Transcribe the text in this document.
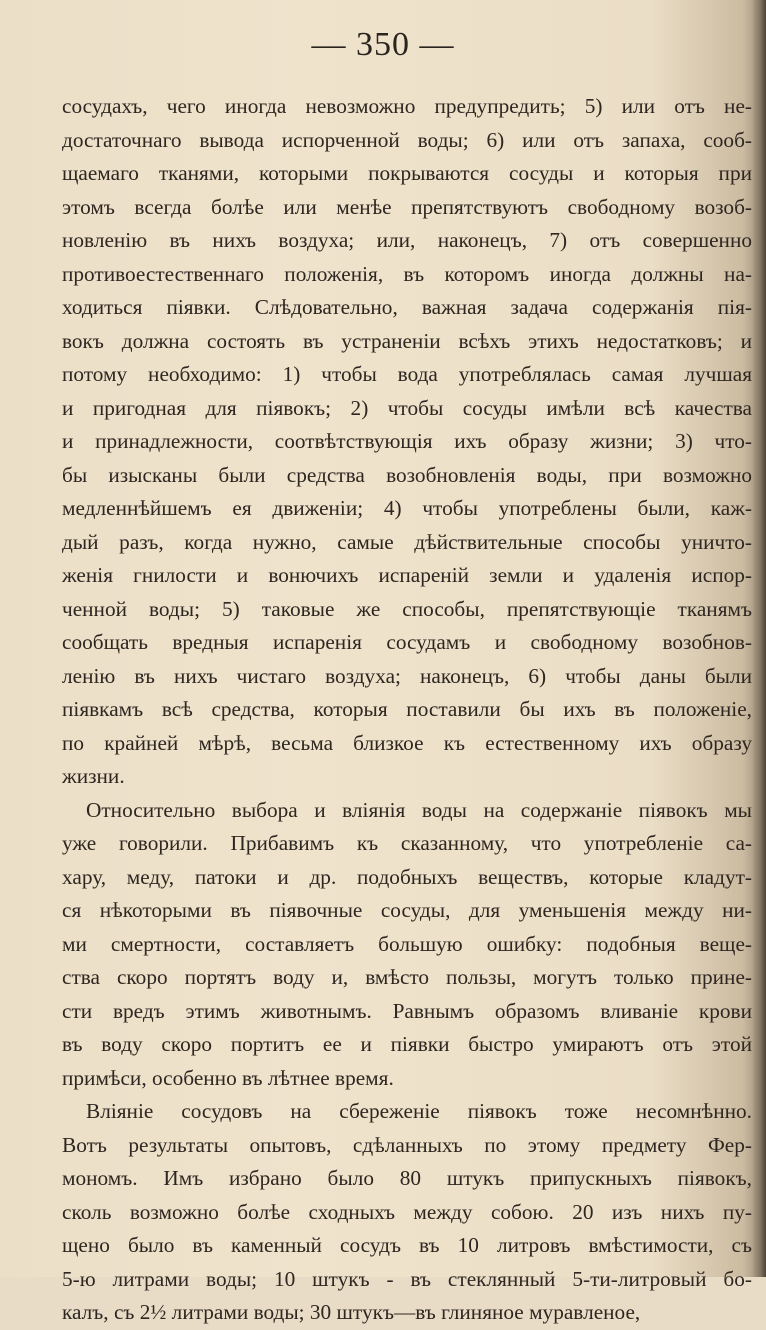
— 350 —
сосудахъ, чего иногда невозможно предупредить; 5) или отъ не-
достаточнаго вывода испорченной воды; 6) или отъ запаха, сооб-
щаемаго тканями, которыми покрываются сосуды и которыя при
этомъ всегда болѣе или менѣе препятствуютъ свободному возоб-
новленію въ нихъ воздуха; или, наконецъ, 7) отъ совершенно
противоестественнаго положенія, въ которомъ иногда должны на-
ходиться піявки. Слѣдовательно, важная задача содержанія пія-
вокъ должна состоять въ устраненіи всѣхъ этихъ недостатковъ; и
потому необходимо: 1) чтобы вода употреблялась самая лучшая
и пригодная для піявокъ; 2) чтобы сосуды имѣли всѣ качества
и принадлежности, соотвѣтствующія ихъ образу жизни; 3) что-
бы изысканы были средства возобновленія воды, при возможно
медленнѣйшемъ ея движеніи; 4) чтобы употреблены были, каж-
дый разъ, когда нужно, самые дѣйствительные способы уничто-
женія гнилости и вонючихъ испареній земли и удаленія испор-
ченной воды; 5) таковые же способы, препятствующіе тканямъ
сообщать вредныя испаренія сосудамъ и свободному возобнов-
ленію въ нихъ чистаго воздуха; наконецъ, 6) чтобы даны были
піявкамъ всѣ средства, которыя поставили бы ихъ въ положеніе,
по крайней мѣрѣ, весьма близкое къ естественному ихъ образу
жизни.
Относительно выбора и вліянія воды на содержаніе піявокъ мы
уже говорили. Прибавимъ къ сказанному, что употребленіе са-
хару, меду, патоки и др. подобныхъ веществъ, которые кладут-
ся нѣкоторыми въ піявочные сосуды, для уменьшенія между ни-
ми смертности, составляетъ большую ошибку: подобныя веще-
ства скоро портятъ воду и, вмѣсто пользы, могутъ только прине-
сти вредъ этимъ животнымъ. Равнымъ образомъ вливаніе крови
въ воду скоро портитъ ее и піявки быстро умираютъ отъ этой
примѣси, особенно въ лѣтнее время.
Вліяніе сосудовъ на сбереженіе піявокъ тоже несомнѣнно.
Вотъ результаты опытовъ, сдѣланныхъ по этому предмету Фер-
мономъ. Имъ избрано было 80 штукъ припускныхъ піявокъ,
сколь возможно болѣе сходныхъ между собою. 20 изъ нихъ пу-
щено было въ каменный сосудъ въ 10 литровъ вмѣстимости, съ
5-ю литрами воды; 10 штукъ - въ стеклянный 5-ти-литровый бо-
калъ, съ 2½ литрами воды; 30 штукъ—въ глиняное муравленое,
